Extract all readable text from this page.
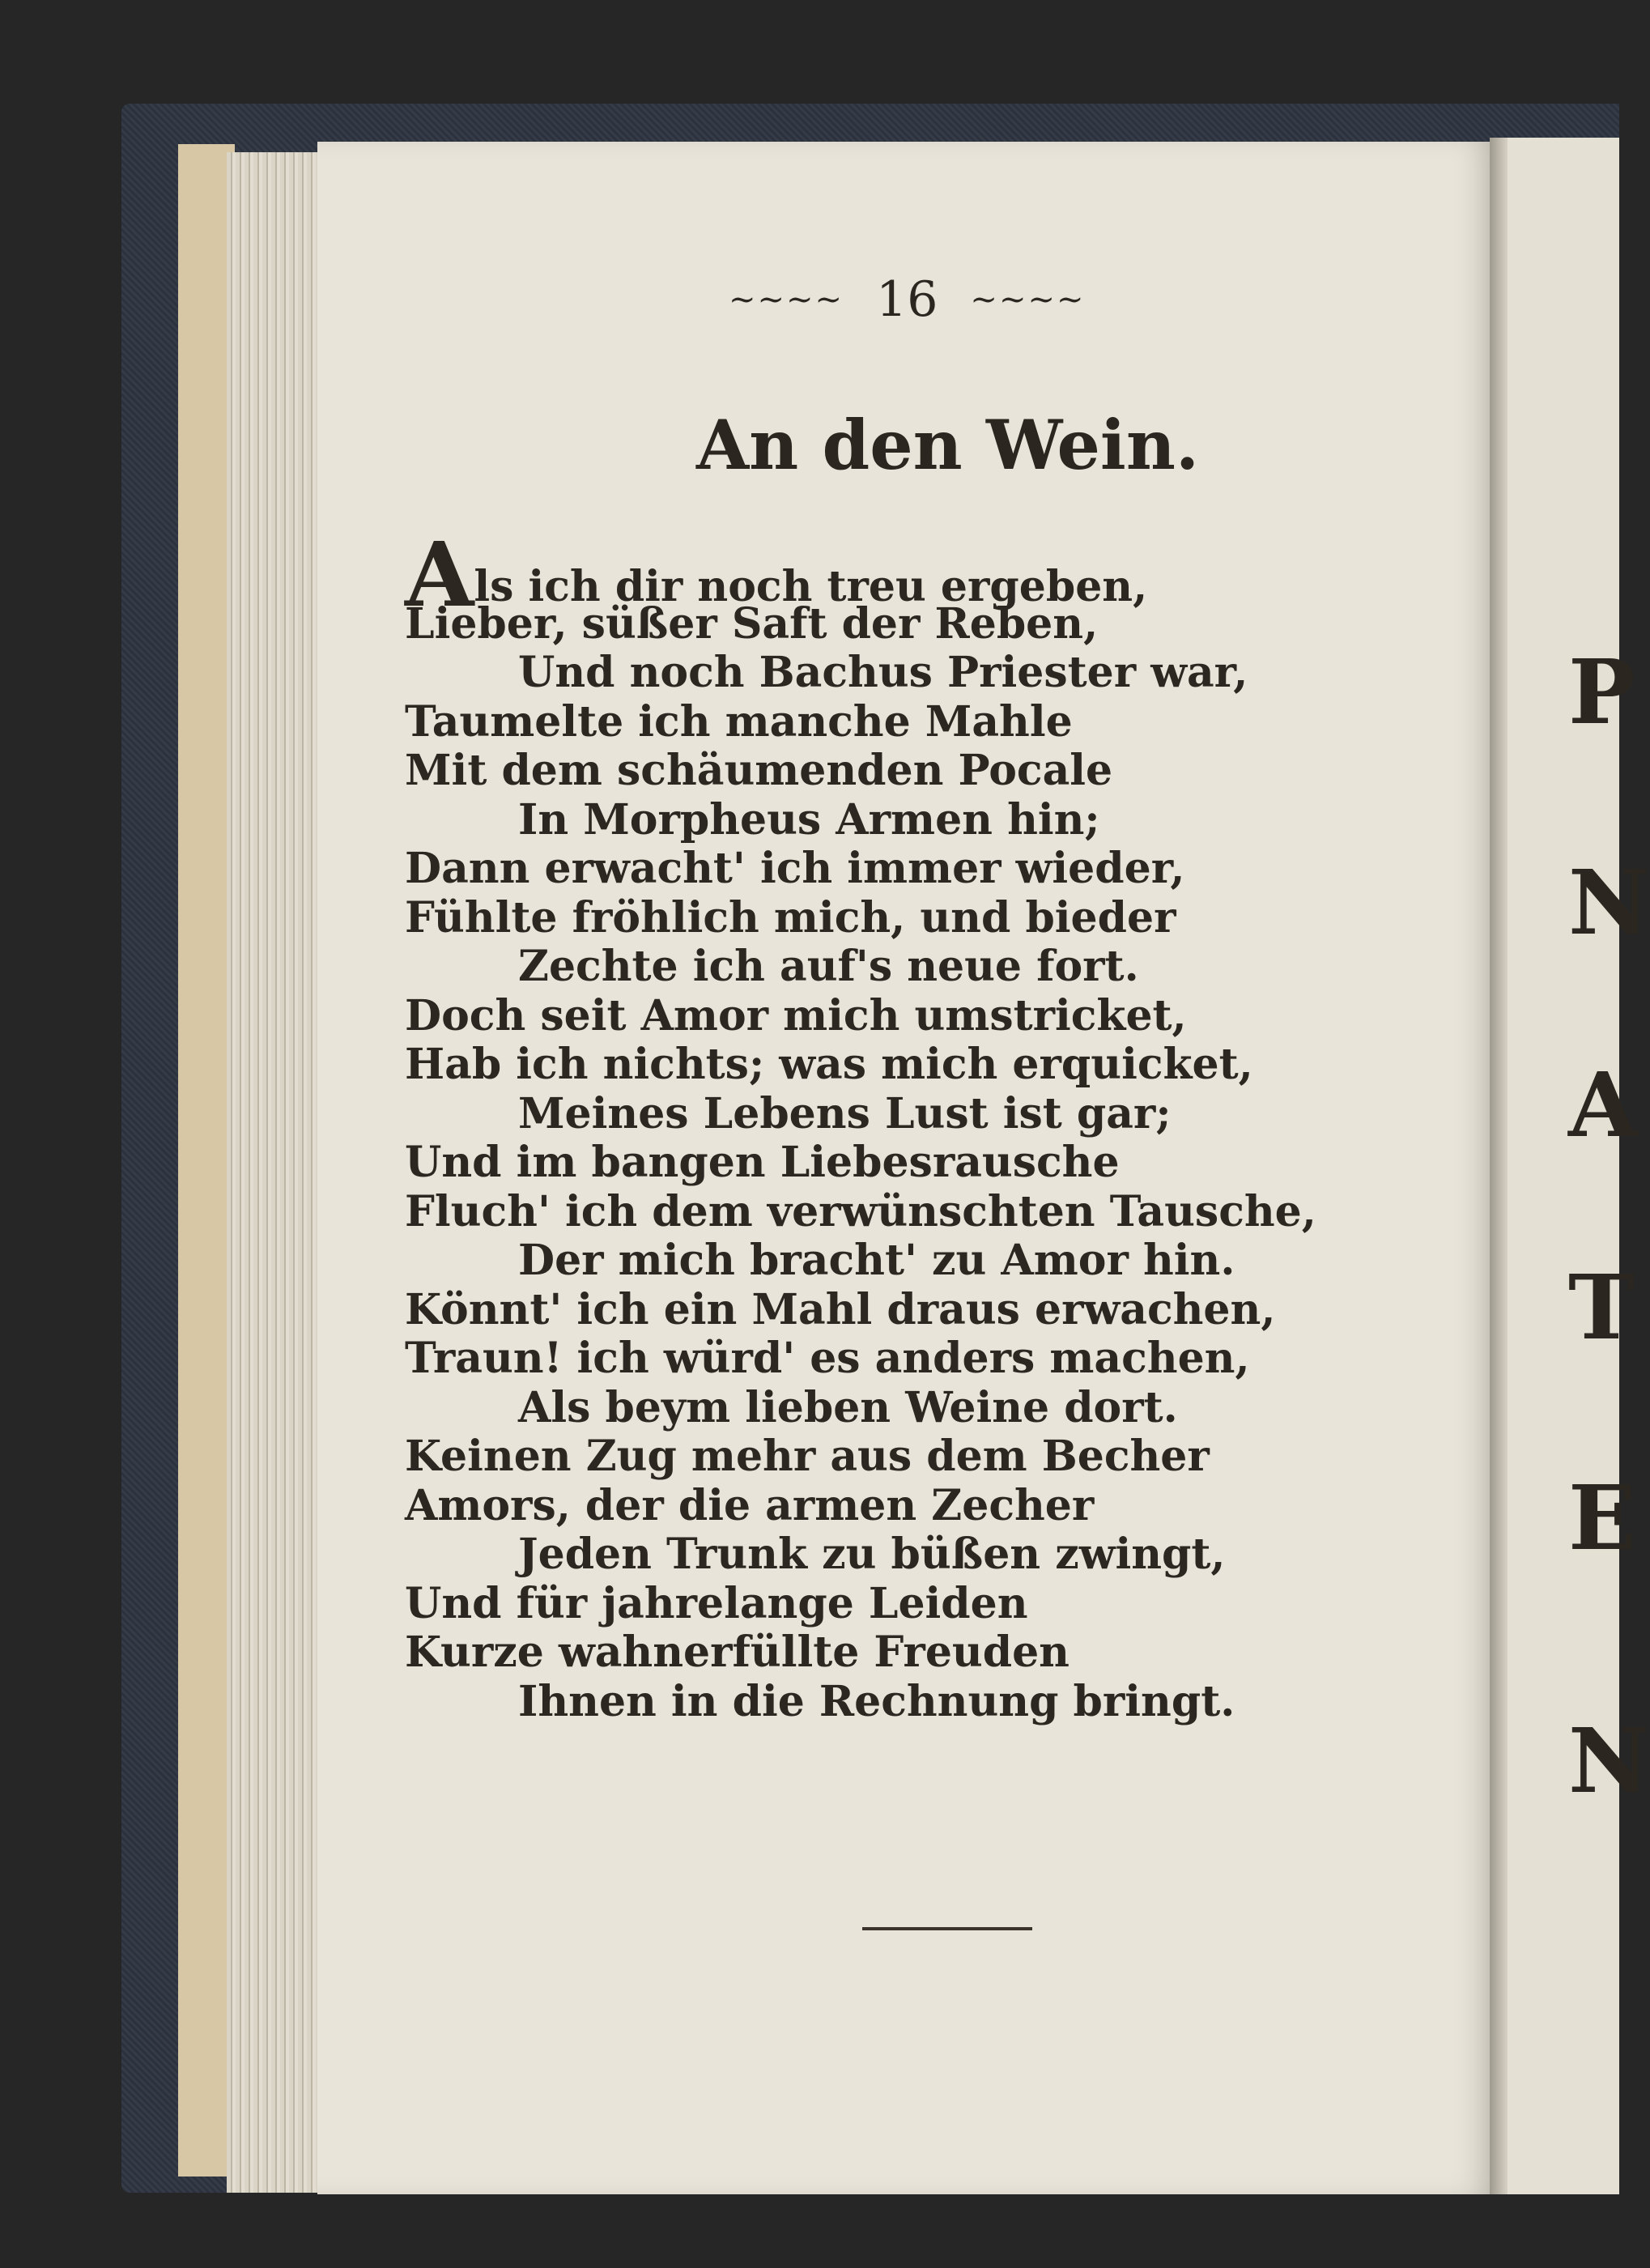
~~~~ 16 ~~~~
An den Wein.
Als ich dir noch treu ergeben,
Lieber, süßer Saft der Reben,
Und noch Bachus Priester war,
Taumelte ich manche Mahle
Mit dem schäumenden Pocale
In Morpheus Armen hin;
Dann erwacht' ich immer wieder,
Fühlte fröhlich mich, und bieder
Zechte ich auf's neue fort.
Doch seit Amor mich umstricket,
Hab ich nichts; was mich erquicket,
Meines Lebens Lust ist gar;
Und im bangen Liebesrausche
Fluch' ich dem verwünschten Tausche,
Der mich bracht' zu Amor hin.
Könnt' ich ein Mahl draus erwachen,
Traun! ich würd' es anders machen,
Als beym lieben Weine dort.
Keinen Zug mehr aus dem Becher
Amors, der die armen Zecher
Jeden Trunk zu büßen zwingt,
Und für jahrelange Leiden
Kurze wahnerfüllte Freuden
Ihnen in die Rechnung bringt.
P
N
A
T
E
N
